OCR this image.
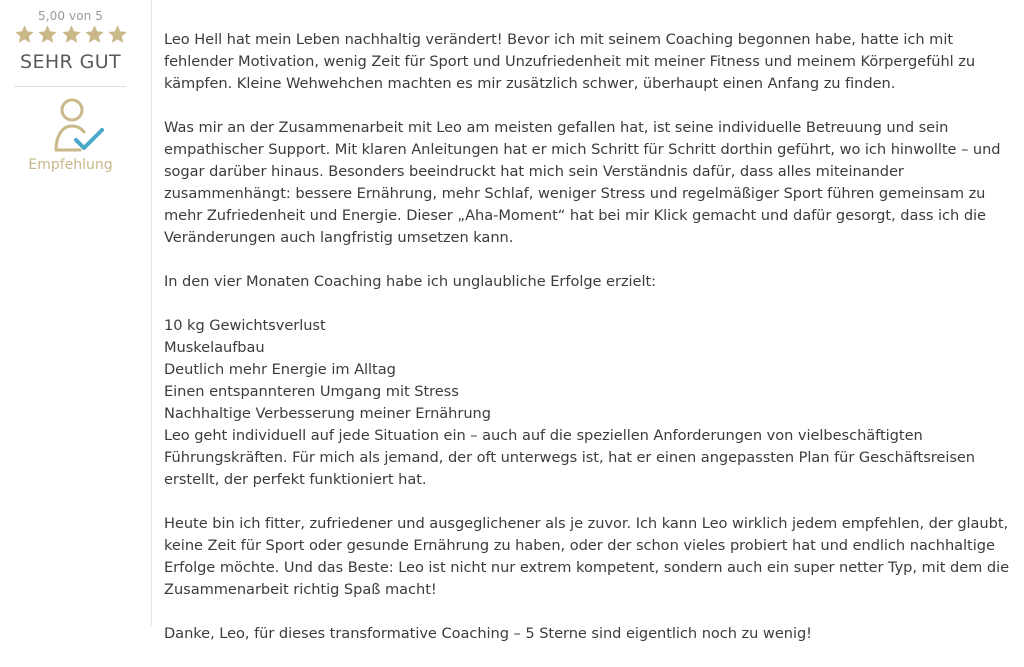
5,00 von 5
SEHR GUT
Empfehlung

Leo Hell hat mein Leben nachhaltig verändert! Bevor ich mit seinem Coaching begonnen habe, hatte ich mit fehlender Motivation, wenig Zeit für Sport und Unzufriedenheit mit meiner Fitness und meinem Körpergefühl zu kämpfen. Kleine Wehwehchen machten es mir zusätzlich schwer, überhaupt einen Anfang zu finden.

Was mir an der Zusammenarbeit mit Leo am meisten gefallen hat, ist seine individuelle Betreuung und sein empathischer Support. Mit klaren Anleitungen hat er mich Schritt für Schritt dorthin geführt, wo ich hinwollte – und sogar darüber hinaus. Besonders beeindruckt hat mich sein Verständnis dafür, dass alles miteinander zusammenhängt: bessere Ernährung, mehr Schlaf, weniger Stress und regelmäßiger Sport führen gemeinsam zu mehr Zufriedenheit und Energie. Dieser „Aha-Moment“ hat bei mir Klick gemacht und dafür gesorgt, dass ich die Veränderungen auch langfristig umsetzen kann.

In den vier Monaten Coaching habe ich unglaubliche Erfolge erzielt:

10 kg Gewichtsverlust
Muskelaufbau
Deutlich mehr Energie im Alltag
Einen entspannteren Umgang mit Stress
Nachhaltige Verbesserung meiner Ernährung

Leo geht individuell auf jede Situation ein – auch auf die speziellen Anforderungen von vielbeschäftigten Führungskräften. Für mich als jemand, der oft unterwegs ist, hat er einen angepassten Plan für Geschäftsreisen erstellt, der perfekt funktioniert hat.

Heute bin ich fitter, zufriedener und ausgeglichener als je zuvor. Ich kann Leo wirklich jedem empfehlen, der glaubt, keine Zeit für Sport oder gesunde Ernährung zu haben, oder der schon vieles probiert hat und endlich nachhaltige Erfolge möchte. Und das Beste: Leo ist nicht nur extrem kompetent, sondern auch ein super netter Typ, mit dem die Zusammenarbeit richtig Spaß macht!

Danke, Leo, für dieses transformative Coaching – 5 Sterne sind eigentlich noch zu wenig!
